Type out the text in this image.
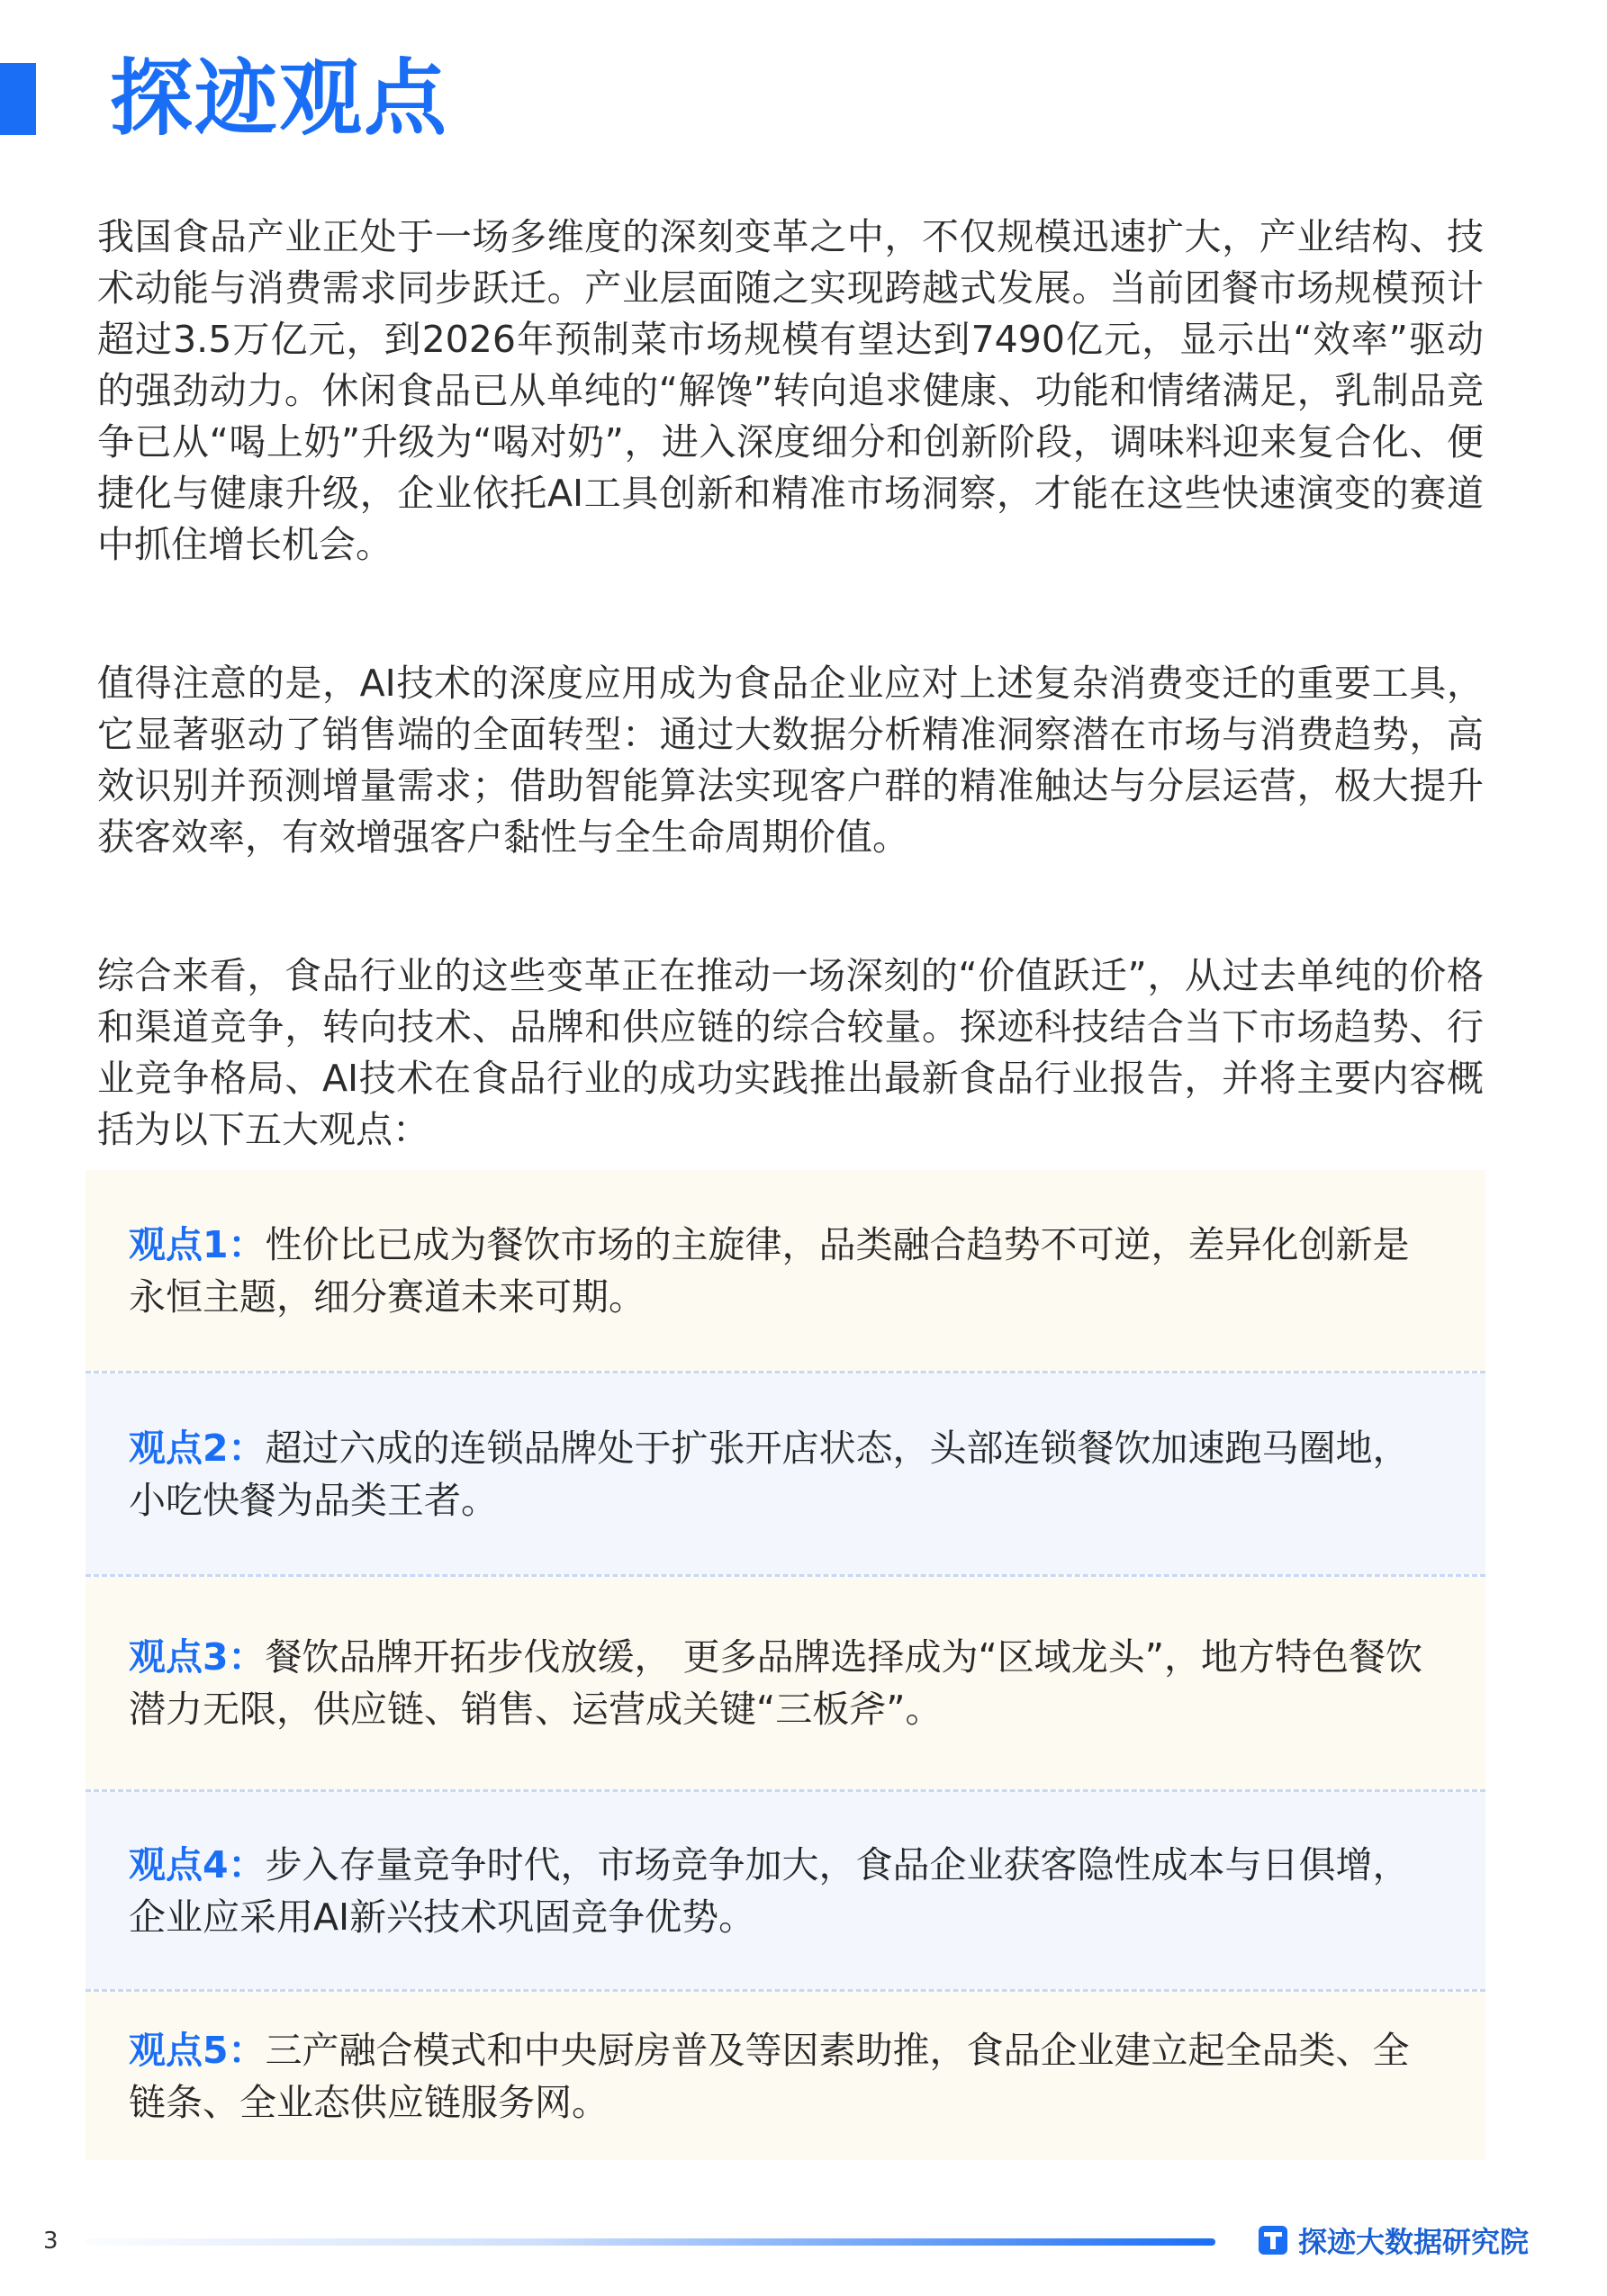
探迹观点

我国食品产业正处于一场多维度的深刻变革之中，不仅规模迅速扩大，产业结构、技术动能与消费需求同步跃迁。产业层面随之实现跨越式发展。当前团餐市场规模预计超过3.5万亿元，到2026年预制菜市场规模有望达到7490亿元，显示出“效率”驱动的强劲动力。休闲食品已从单纯的“解馋”转向追求健康、功能和情绪满足，乳制品竞争已从“喝上奶”升级为“喝对奶”，进入深度细分和创新阶段，调味料迎来复合化、便捷化与健康升级，企业依托AI工具创新和精准市场洞察，才能在这些快速演变的赛道中抓住增长机会。

值得注意的是，AI技术的深度应用成为食品企业应对上述复杂消费变迁的重要工具，它显著驱动了销售端的全面转型：通过大数据分析精准洞察潜在市场与消费趋势，高效识别并预测增量需求；借助智能算法实现客户群的精准触达与分层运营，极大提升获客效率，有效增强客户黏性与全生命周期价值。

综合来看，食品行业的这些变革正在推动一场深刻的“价值跃迁”，从过去单纯的价格和渠道竞争，转向技术、品牌和供应链的综合较量。探迹科技结合当下市场趋势、行业竞争格局、AI技术在食品行业的成功实践推出最新食品行业报告，并将主要内容概括为以下五大观点：

观点1：性价比已成为餐饮市场的主旋律，品类融合趋势不可逆，差异化创新是永恒主题，细分赛道未来可期。
观点2：超过六成的连锁品牌处于扩张开店状态，头部连锁餐饮加速跑马圈地，小吃快餐为品类王者。
观点3：餐饮品牌开拓步伐放缓， 更多品牌选择成为“区域龙头”，地方特色餐饮潜力无限，供应链、销售、运营成关键“三板斧”。
观点4：步入存量竞争时代，市场竞争加大，食品企业获客隐性成本与日俱增，企业应采用AI新兴技术巩固竞争优势。
观点5：三产融合模式和中央厨房普及等因素助推，食品企业建立起全品类、全链条、全业态供应链服务网。
3	探迹大数据研究院
